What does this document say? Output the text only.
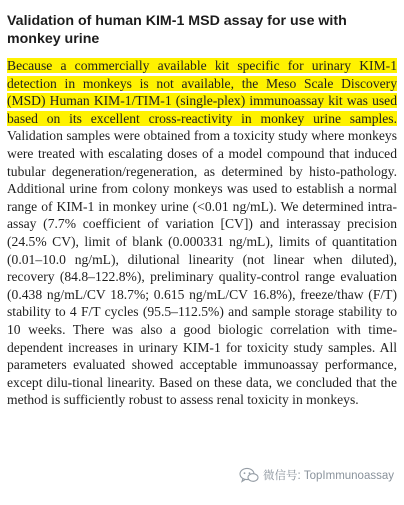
Validation of human KIM-1 MSD assay for use with monkey urine

Because a commercially available kit specific for urinary KIM-1 detection in monkeys is not available, the Meso Scale Discovery (MSD) Human KIM-1/TIM-1 (single-plex) immunoassay kit was used based on its excellent cross-reactivity in monkey urine samples. Validation samples were obtained from a toxicity study where monkeys were treated with escalating doses of a model compound that induced tubular degeneration/regeneration, as determined by histo-pathology. Additional urine from colony monkeys was used to establish a normal range of KIM-1 in monkey urine (<0.01 ng/mL). We determined intra-assay (7.7% coefficient of variation [CV]) and interassay precision (24.5% CV), limit of blank (0.000331 ng/mL), limits of quantitation (0.01–10.0 ng/mL), dilutional linearity (not linear when diluted), recovery (84.8–122.8%), preliminary quality-control range evaluation (0.438 ng/mL/CV 18.7%; 0.615 ng/mL/CV 16.8%), freeze/thaw (F/T) stability to 4 F/T cycles (95.5–112.5%) and sample storage stability to 10 weeks. There was also a good biologic correlation with time-dependent increases in urinary KIM-1 for toxicity study samples. All parameters evaluated showed acceptable immunoassay performance, except dilu-tional linearity. Based on these data, we concluded that the method is sufficiently robust to assess renal toxicity in monkeys.

微信号: TopImmunoassay
